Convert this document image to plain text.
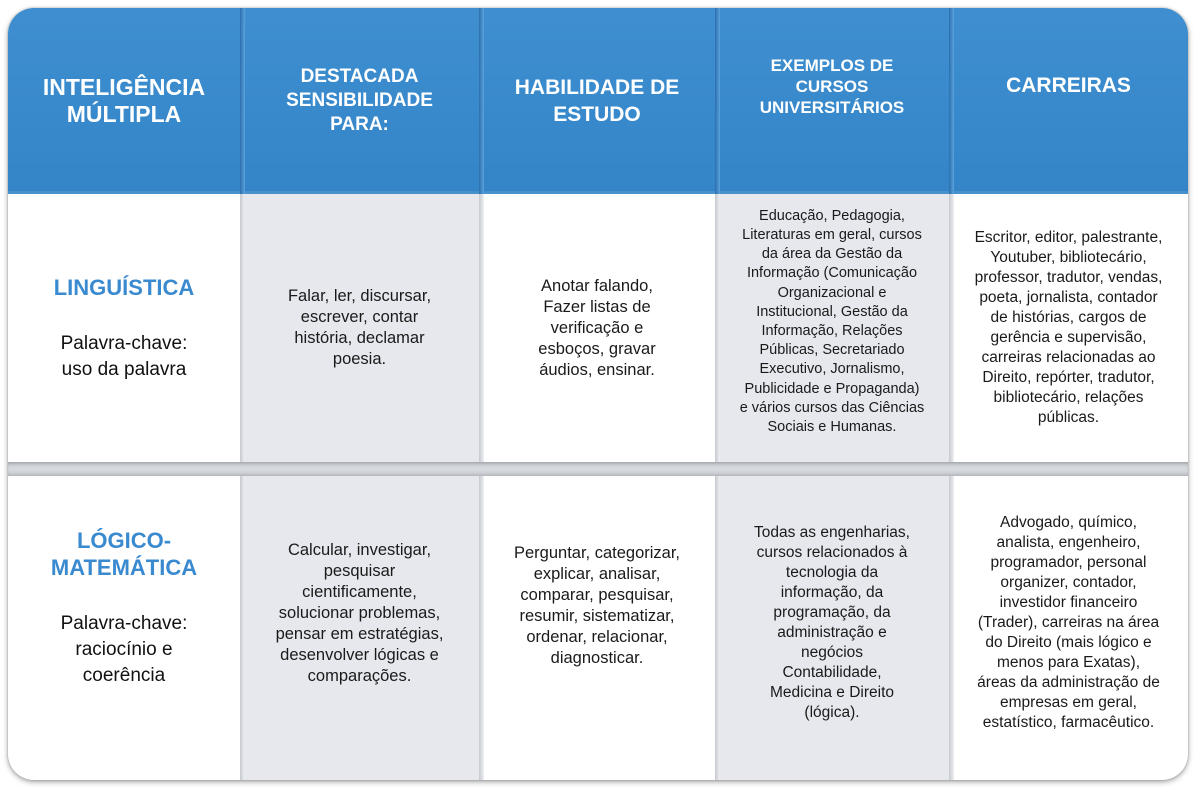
INTELIGÊNCIA
MÚLTIPLA
LINGUÍSTICA
Palavra-chave:
uso da palavra
LÓGICO-
MATEMÁTICA
Palavra-chave:
raciocínio e
coerência
DESTACADA
SENSIBILIDADE
PARA:
Falar, ler, discursar,
escrever, contar
história, declamar
poesia.
Calcular, investigar,
pesquisar
cientificamente,
solucionar problemas,
pensar em estratégias,
desenvolver lógicas e
comparações.
HABILIDADE DE
ESTUDO
Anotar falando,
Fazer listas de
verificação e
esboços, gravar
áudios, ensinar.
Perguntar, categorizar,
explicar, analisar,
comparar, pesquisar,
resumir, sistematizar,
ordenar, relacionar,
diagnosticar.
EXEMPLOS DE
CURSOS
UNIVERSITÁRIOS
Educação, Pedagogia,
Literaturas em geral, cursos
da área da Gestão da
Informação (Comunicação
Organizacional e
Institucional, Gestão da
Informação, Relações
Públicas, Secretariado
Executivo, Jornalismo,
Publicidade e Propaganda)
e vários cursos das Ciências
Sociais e Humanas.
Todas as engenharias,
cursos relacionados à
tecnologia da
informação, da
programação, da
administração e
negócios
Contabilidade,
Medicina e Direito
(lógica).
CARREIRAS
Escritor, editor, palestrante,
Youtuber, bibliotecário,
professor, tradutor, vendas,
poeta, jornalista, contador
de histórias, cargos de
gerência e supervisão,
carreiras relacionadas ao
Direito, repórter, tradutor,
bibliotecário, relações
públicas.
Advogado, químico,
analista, engenheiro,
programador, personal
organizer, contador,
investidor financeiro
(Trader), carreiras na área
do Direito (mais lógico e
menos para Exatas),
áreas da administração de
empresas em geral,
estatístico, farmacêutico.
